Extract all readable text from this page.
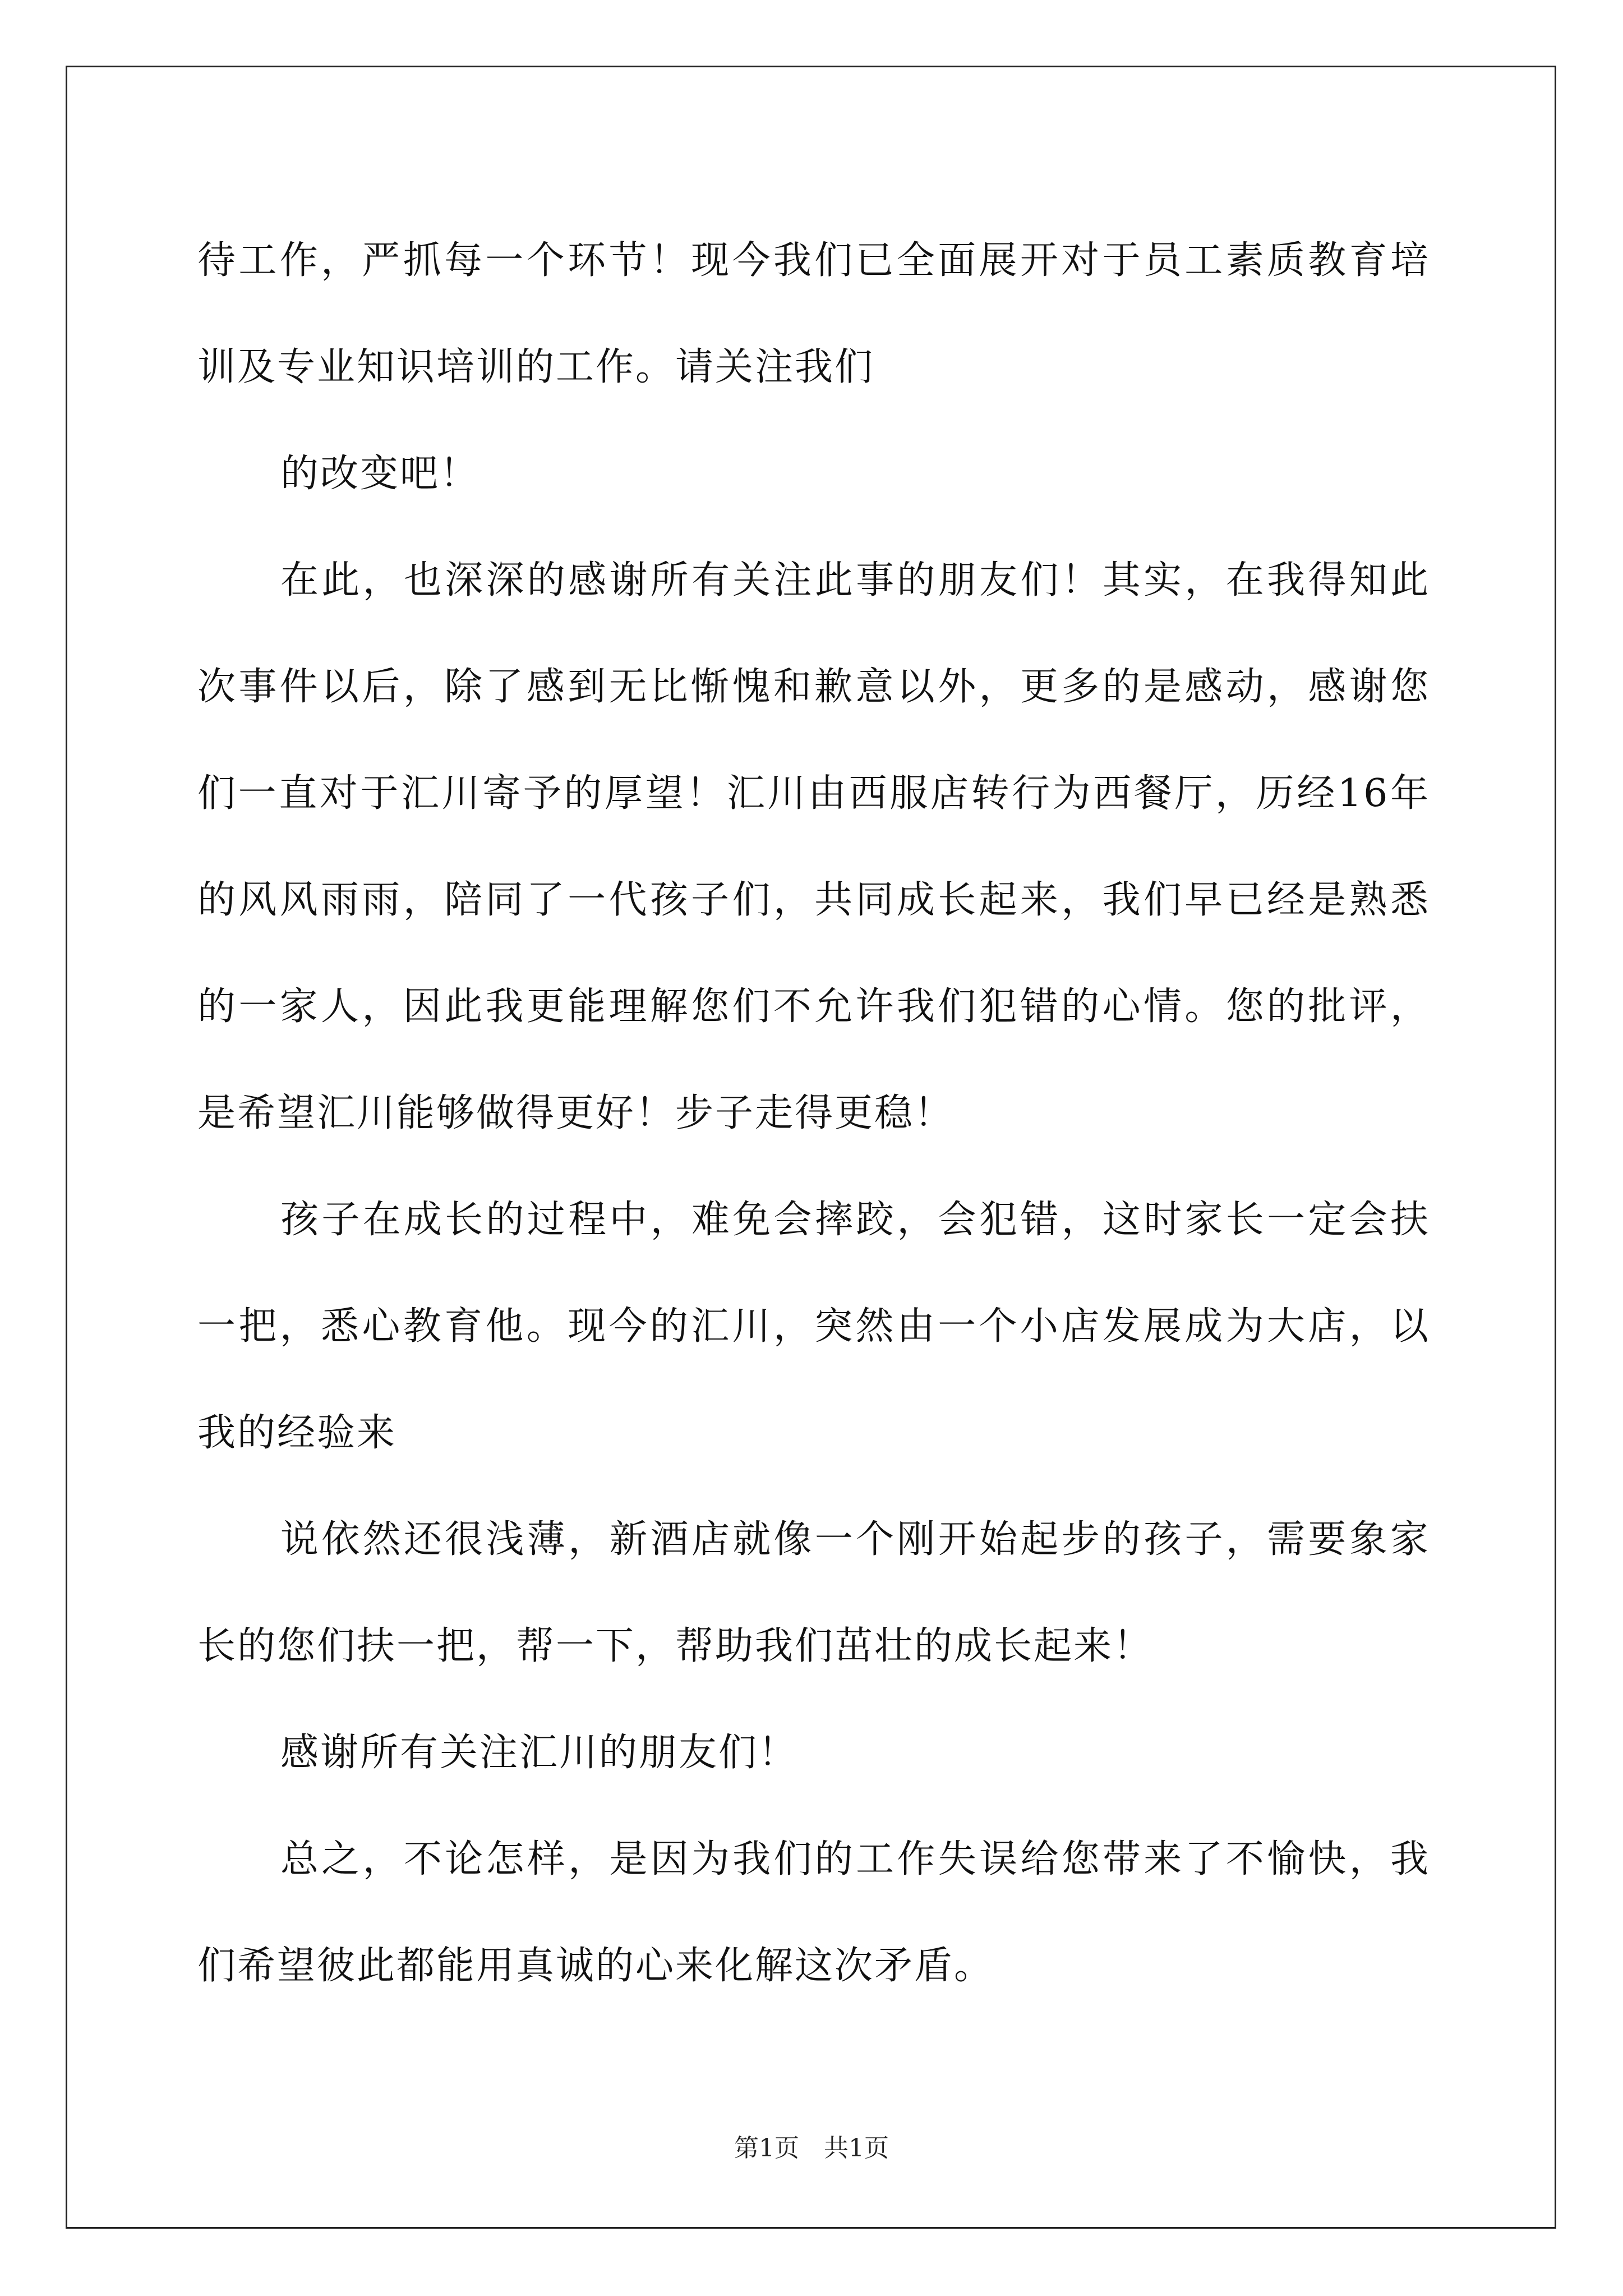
待工作，严抓每一个环节！现今我们已全面展开对于员工素质教育培训及专业知识培训的工作。请关注我们

的改变吧！

在此，也深深的感谢所有关注此事的朋友们！其实，在我得知此次事件以后，除了感到无比惭愧和歉意以外，更多的是感动，感谢您们一直对于汇川寄予的厚望！汇川由西服店转行为西餐厅，历经16年的风风雨雨，陪同了一代孩子们，共同成长起来，我们早已经是熟悉的一家人，因此我更能理解您们不允许我们犯错的心情。您的批评，是希望汇川能够做得更好！步子走得更稳！

孩子在成长的过程中，难免会摔跤，会犯错，这时家长一定会扶一把，悉心教育他。现今的汇川，突然由一个小店发展成为大店，以我的经验来

说依然还很浅薄，新酒店就像一个刚开始起步的孩子，需要象家长的您们扶一把，帮一下，帮助我们茁壮的成长起来！

感谢所有关注汇川的朋友们！

总之，不论怎样，是因为我们的工作失误给您带来了不愉快，我们希望彼此都能用真诚的心来化解这次矛盾。

第1页　共1页
